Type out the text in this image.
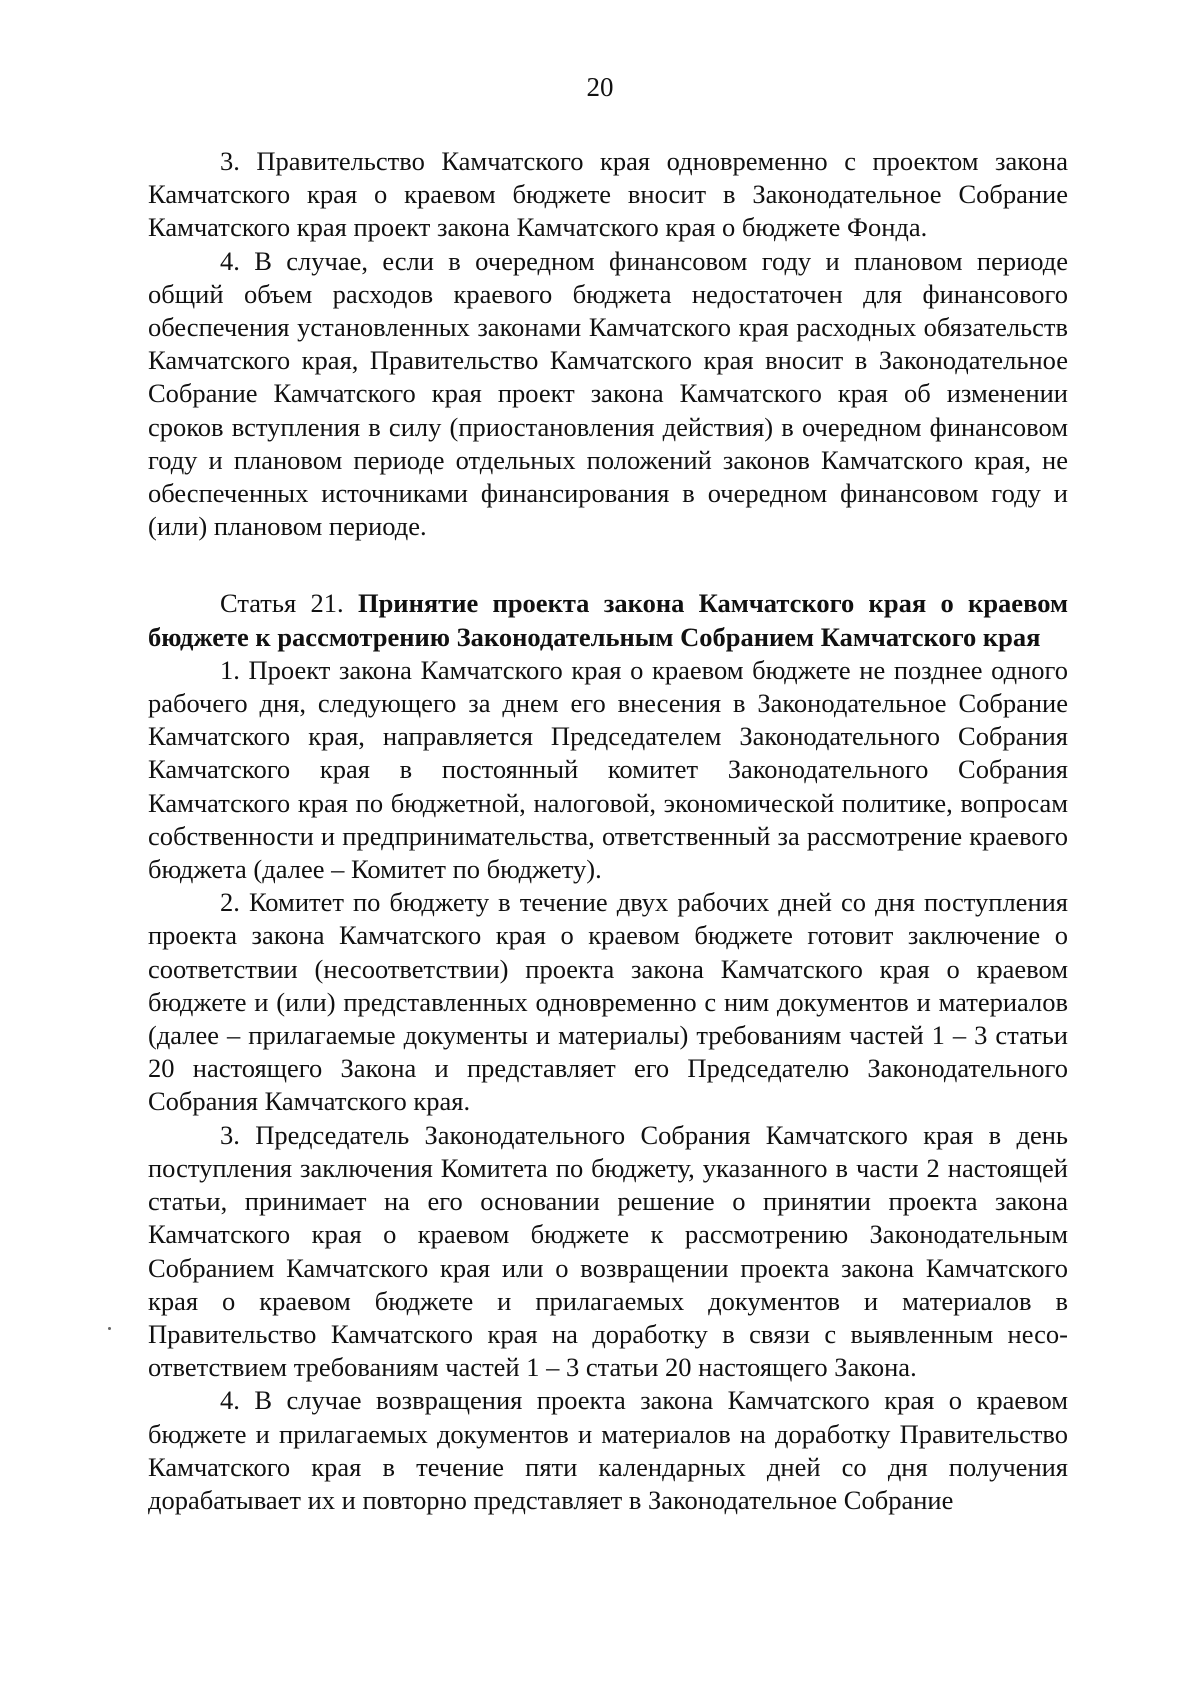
20

3. Правительство Камчатского края одновременно с проектом закона Камчатского края о краевом бюджете вносит в Законодательное Собрание Камчатского края проект закона Камчатского края о бюджете Фонда.

4. В случае, если в очередном финансовом году и плановом периоде общий объем расходов краевого бюджета недостаточен для финансового обеспечения установленных законами Камчатского края расходных обязательств Камчатского края, Правительство Камчатского края вносит в Законодательное Собрание Камчатского края проект закона Камчатского края об изменении сроков вступления в силу (приостановления действия) в очередном финансовом году и плановом периоде отдельных положений законов Камчатского края, не обеспеченных источниками финансирования в очередном финансовом году и (или) плановом периоде.

Статья 21. Принятие проекта закона Камчатского края о краевом бюджете к рассмотрению Законодательным Собранием Камчатского края

1. Проект закона Камчатского края о краевом бюджете не позднее одного рабочего дня, следующего за днем его внесения в Законодательное Собрание Камчатского края, направляется Председателем Законодательного Собрания Камчатского края в постоянный комитет Законодательного Собрания Камчатского края по бюджетной, налоговой, экономической политике, вопросам собственности и предпринимательства, ответственный за рассмотрение краевого бюджета (далее – Комитет по бюджету).

2. Комитет по бюджету в течение двух рабочих дней со дня поступления проекта закона Камчатского края о краевом бюджете готовит заключение о соответствии (несоответствии) проекта закона Камчатского края о краевом бюджете и (или) представленных одновременно с ним документов и материалов (далее – прилагаемые документы и материалы) требованиям частей 1 – 3 статьи 20 настоящего Закона и представляет его Председателю Законодательного Собрания Камчатского края.

3. Председатель Законодательного Собрания Камчатского края в день поступления заключения Комитета по бюджету, указанного в части 2 настоящей статьи, принимает на его основании решение о принятии проекта закона Камчатского края о краевом бюджете к рассмотрению Законодательным Собранием Камчатского края или о возвращении проекта закона Камчатского края о краевом бюджете и прилагаемых документов и материалов в Правительство Камчатского края на доработку в связи с выявленным несоответствием требованиям частей 1 – 3 статьи 20 настоящего Закона.

4. В случае возвращения проекта закона Камчатского края о краевом бюджете и прилагаемых документов и материалов на доработку Правительство Камчатского края в течение пяти календарных дней со дня получения дорабатывает их и повторно представляет в Законодательное Собрание
